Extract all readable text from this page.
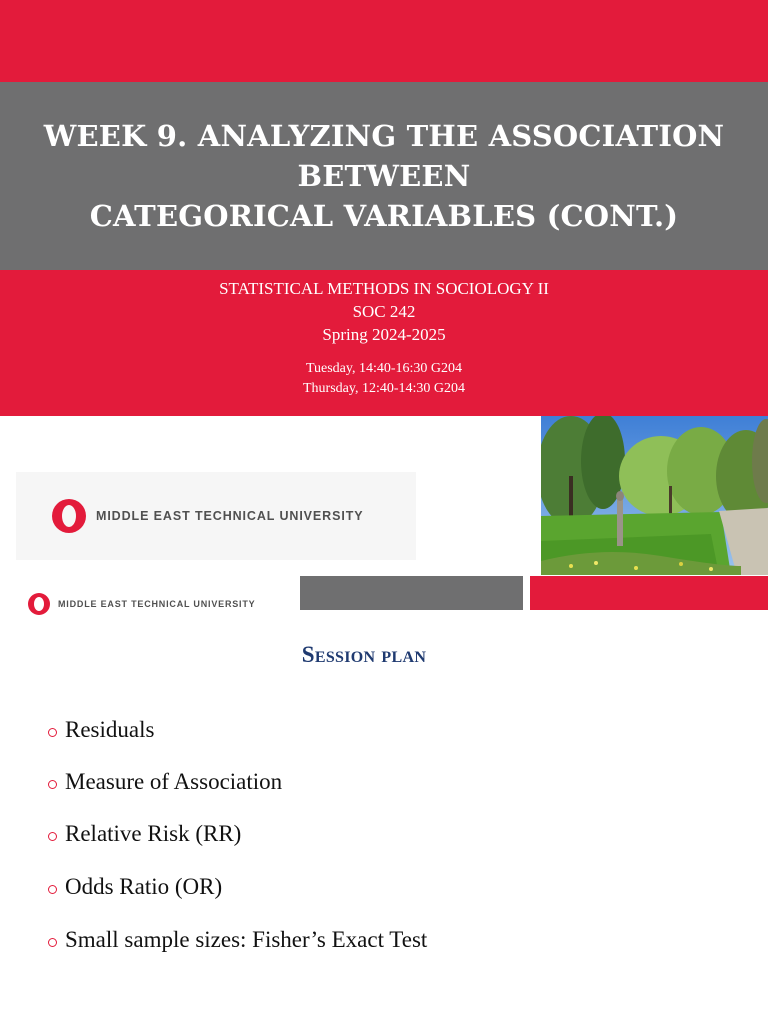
WEEK 9. ANALYZING THE ASSOCIATION
BETWEEN
CATEGORICAL VARIABLES (CONT.)
STATISTICAL METHODS IN SOCIOLOGY II
SOC 242
Spring 2024-2025
Tuesday, 14:40-16:30 G204
Thursday, 12:40-14:30 G204
MIDDLE EAST TECHNICAL UNIVERSITY
MIDDLE EAST TECHNICAL UNIVERSITY
Session plan
Residuals
Measure of Association
Relative Risk (RR)
Odds Ratio (OR)
Small sample sizes: Fisher’s Exact Test
